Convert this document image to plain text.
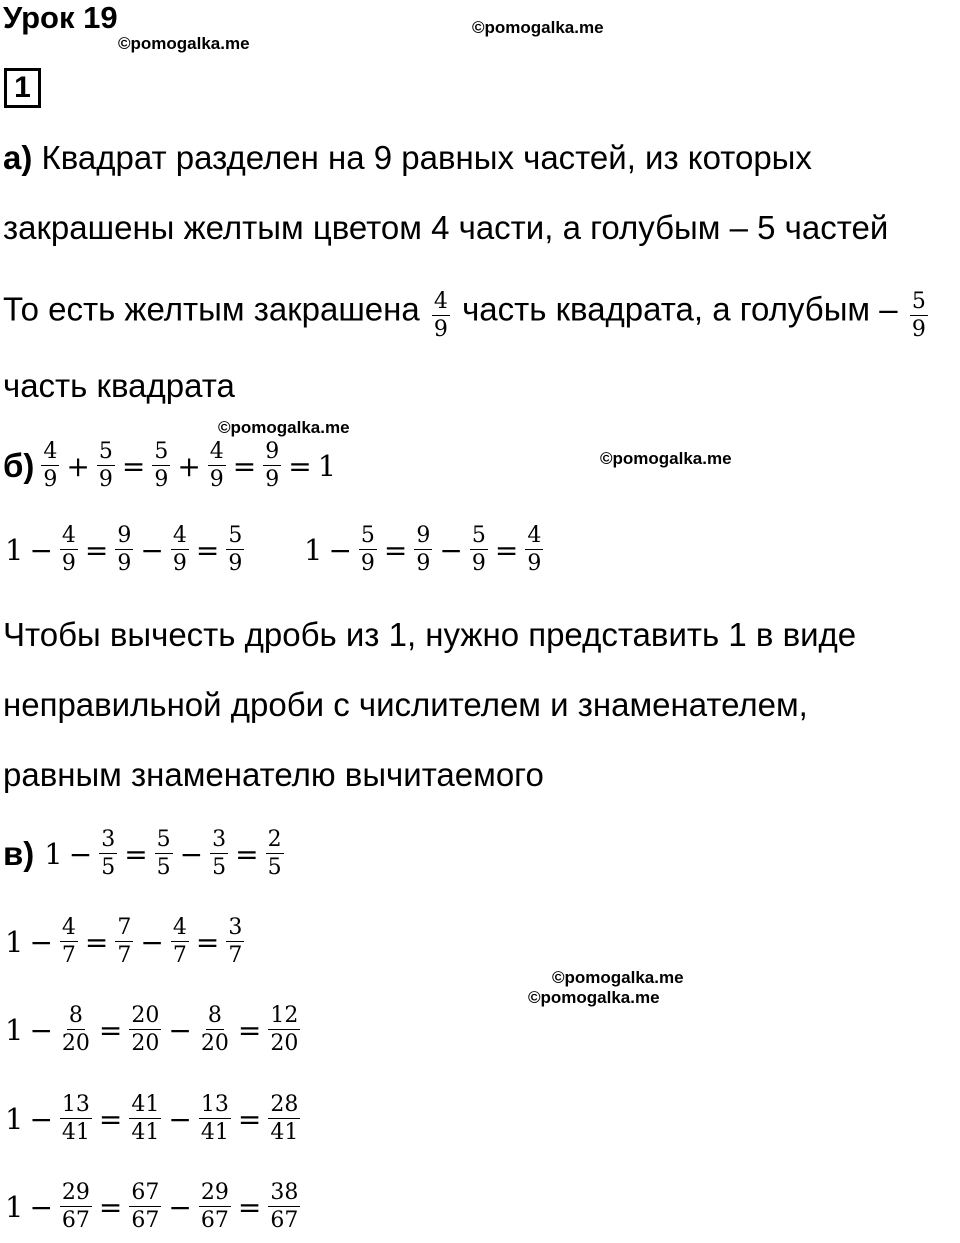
Урок 19
©pomogalka.me
©pomogalka.me
©pomogalka.me
©pomogalka.me
©pomogalka.me
©pomogalka.me
1
а) Квадрат разделен на 9 равных частей, из которых
закрашены желтым цветом 4 части, а голубым – 5 частей
То есть желтым закрашена $\frac{4}{9}$ часть квадрата, а голубым – $\frac{5}{9}$
часть квадрата
$б) \frac{4}{9} + \frac{5}{9} = \frac{5}{9} + \frac{4}{9} = \frac{9}{9} = 1$
$1 - \frac{4}{9} = \frac{9}{9} - \frac{4}{9} = \frac{5}{9} 1 - \frac{5}{9} = \frac{9}{9} - \frac{5}{9} = \frac{4}{9}$
Чтобы вычесть дробь из 1, нужно представить 1 в виде
неправильной дроби с числителем и знаменателем,
равным знаменателю вычитаемого
в) $1 - \frac{3}{5} = \frac{5}{5} - \frac{3}{5} = \frac{2}{5}$
$1 - \frac{4}{7} = \frac{7}{7} - \frac{4}{7} = \frac{3}{7}$
$1 - \frac{8}{20} = \frac{20}{20} - \frac{8}{20} = \frac{12}{20}$
$1 - \frac{13}{41} = \frac{41}{41} - \frac{13}{41} = \frac{28}{41}$
$1 - \frac{29}{67} = \frac{67}{67} - \frac{29}{67} = \frac{38}{67}$
